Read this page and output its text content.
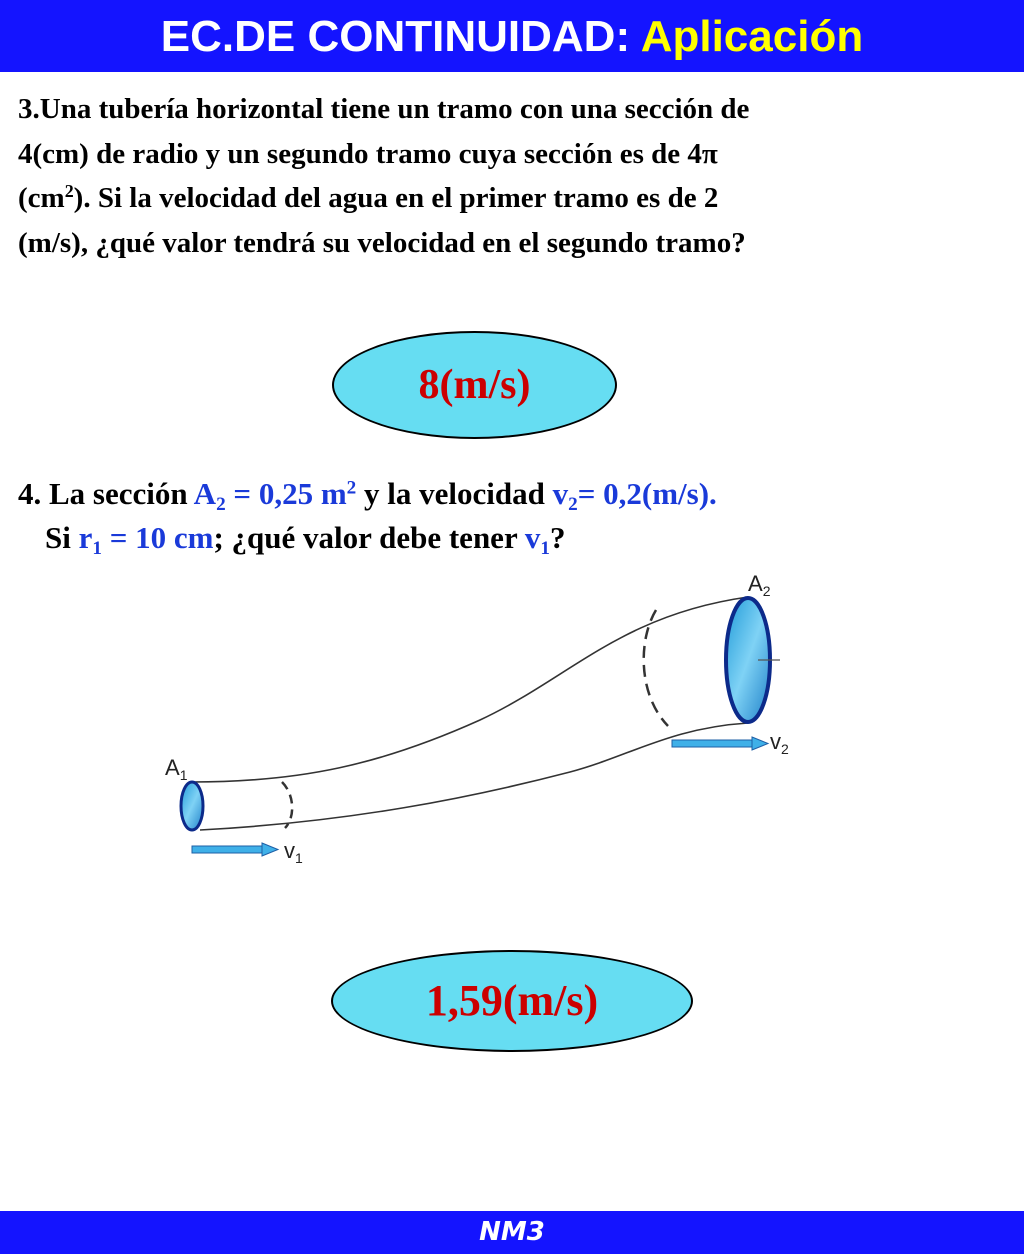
EC.DE CONTINUIDAD: Aplicación
3.Una tubería horizontal tiene un tramo con una sección de
4(cm) de radio y un segundo tramo cuya sección es de 4π
$(cm^2)$. Si la velocidad del agua en el primer tramo es de 2
(m/s), ¿qué valor tendrá su velocidad en el segundo tramo?
8(m/s)
4. La sección $A_2 = 0,25$ $m^2$ y la velocidad $v_2= 0,2(m/s)$.
Si $r_1 = 10$ cm; ¿qué valor debe tener $v_1$?
$A_1$
$A_2$
$v_1$
$v_2$
1,59(m/s)
NM3
